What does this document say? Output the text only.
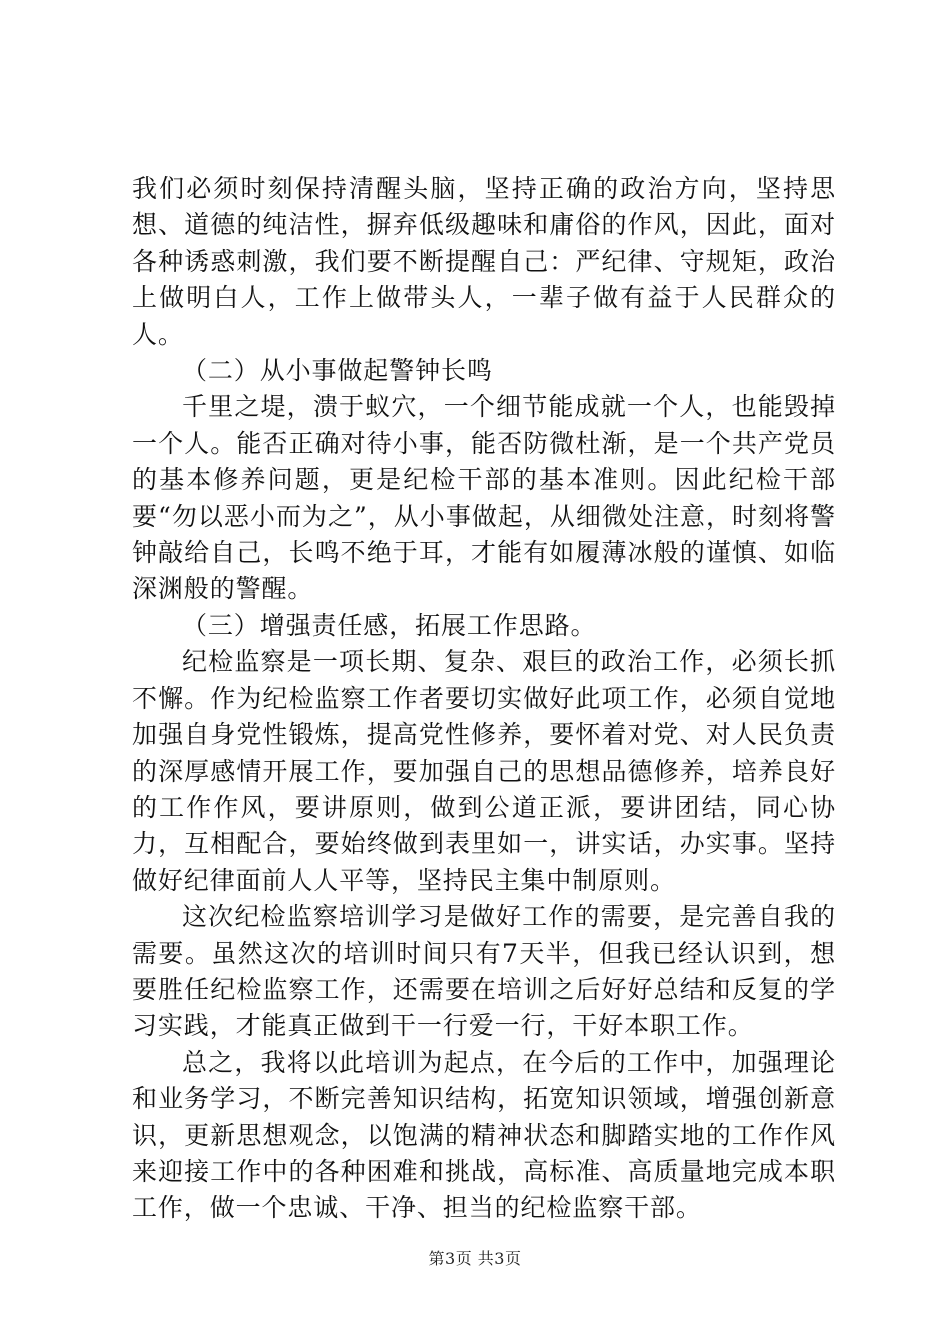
我们必须时刻保持清醒头脑，坚持正确的政治方向，坚持思想、道德的纯洁性，摒弃低级趣味和庸俗的作风，因此，面对各种诱惑刺激，我们要不断提醒自己：严纪律、守规矩，政治上做明白人，工作上做带头人，一辈子做有益于人民群众的人。

（二）从小事做起警钟长鸣

千里之堤，溃于蚁穴，一个细节能成就一个人，也能毁掉一个人。能否正确对待小事，能否防微杜渐，是一个共产党员的基本修养问题，更是纪检干部的基本准则。因此纪检干部要“勿以恶小而为之”，从小事做起，从细微处注意，时刻将警钟敲给自己，长鸣不绝于耳，才能有如履薄冰般的谨慎、如临深渊般的警醒。

（三）增强责任感，拓展工作思路。

纪检监察是一项长期、复杂、艰巨的政治工作，必须长抓不懈。作为纪检监察工作者要切实做好此项工作，必须自觉地加强自身党性锻炼，提高党性修养，要怀着对党、对人民负责的深厚感情开展工作，要加强自己的思想品德修养，培养良好的工作作风，要讲原则，做到公道正派，要讲团结，同心协力，互相配合，要始终做到表里如一，讲实话，办实事。坚持做好纪律面前人人平等，坚持民主集中制原则。

这次纪检监察培训学习是做好工作的需要，是完善自我的需要。虽然这次的培训时间只有7天半，但我已经认识到，想要胜任纪检监察工作，还需要在培训之后好好总结和反复的学习实践，才能真正做到干一行爱一行，干好本职工作。

总之，我将以此培训为起点，在今后的工作中，加强理论和业务学习，不断完善知识结构，拓宽知识领域，增强创新意识，更新思想观念，以饱满的精神状态和脚踏实地的工作作风来迎接工作中的各种困难和挑战，高标准、高质量地完成本职工作，做一个忠诚、干净、担当的纪检监察干部。

第3页 共3页
